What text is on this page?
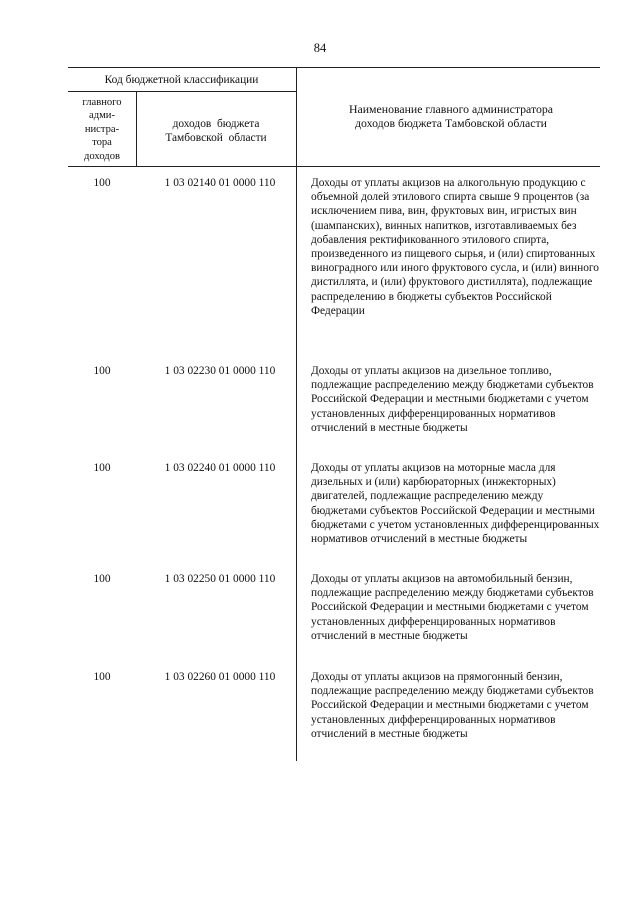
84
Код бюджетной классификации
главного
адми-
нистра-
тора
доходов
доходов  бюджета
Тамбовской  области
Наименование главного администратора
доходов бюджета Тамбовской области
100	1 03 02140 01 0000 110	Доходы от уплаты акцизов на алкогольную продукцию с объемной долей этилового спирта свыше 9 процентов (за исключением пива, вин, фруктовых вин, игристых вин (шампанских), винных напитков, изготавливаемых без добавления ректификованного этилового спирта, произведенного из пищевого сырья, и (или) спиртованных виноградного или иного фруктового сусла, и (или) винного дистиллята, и (или) фруктового дистиллята), подлежащие распределению в бюджеты субъектов Российской Федерации
100	1 03 02230 01 0000 110	Доходы от уплаты акцизов на дизельное топливо, подлежащие распределению между бюджетами субъектов Российской Федерации и местными бюджетами с учетом установленных дифференцированных нормативов отчислений в местные бюджеты
100	1 03 02240 01 0000 110	Доходы от уплаты акцизов на моторные масла для дизельных и (или) карбюраторных (инжекторных) двигателей, подлежащие распределению между бюджетами субъектов Российской Федерации и местными бюджетами с учетом установленных дифференцированных нормативов отчислений в местные бюджеты
100	1 03 02250 01 0000 110	Доходы от уплаты акцизов на автомобильный бензин, подлежащие распределению между бюджетами субъектов Российской Федерации и местными бюджетами с учетом установленных дифференцированных нормативов отчислений в местные бюджеты
100	1 03 02260 01 0000 110	Доходы от уплаты акцизов на прямогонный бензин, подлежащие распределению между бюджетами субъектов Российской Федерации и местными бюджетами с учетом установленных дифференцированных нормативов отчислений в местные бюджеты
